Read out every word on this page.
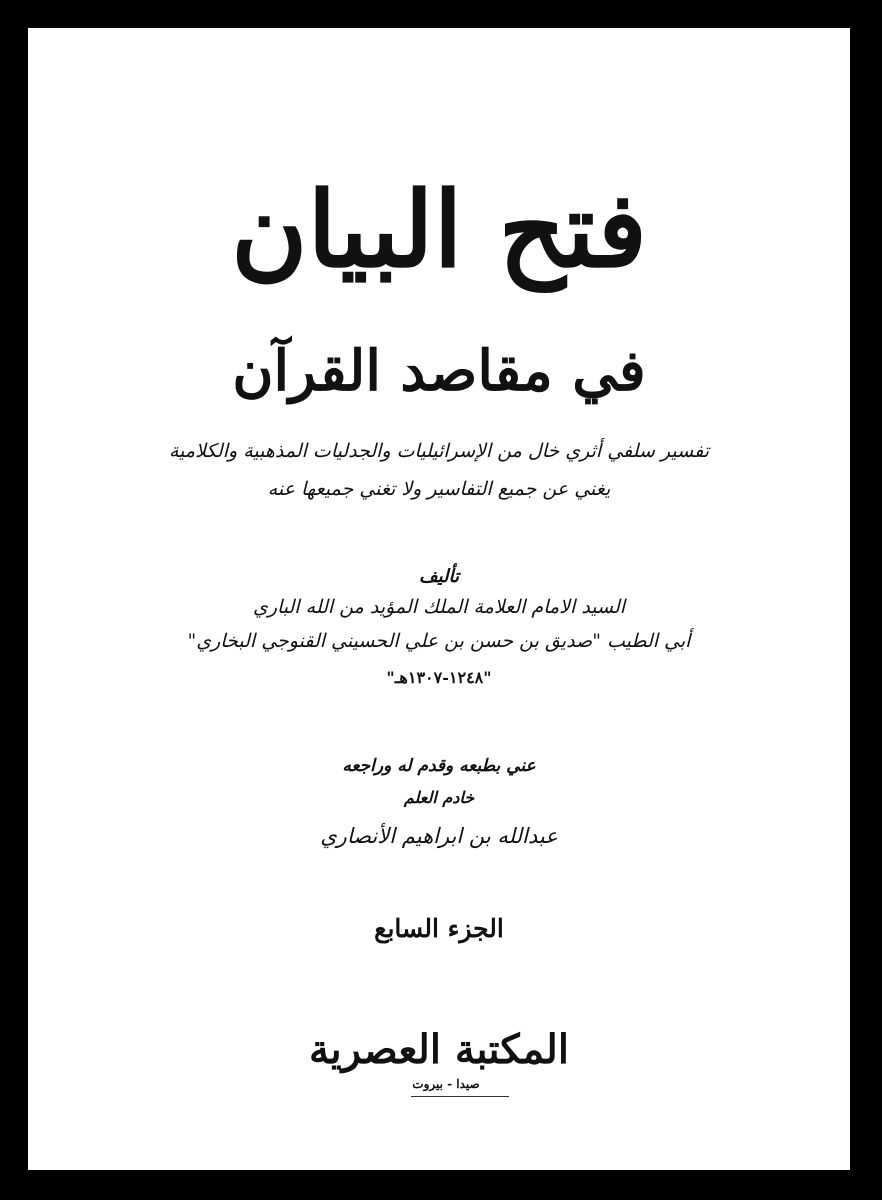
فتح البيان
في مقاصد القرآن
تفسير سلفي أثري خال من الإسرائيليات والجدليات المذهبية والكلامية
يغني عن جميع التفاسير ولا تغني جميعها عنه
تأليف
السيد الامام العلامة الملك المؤيد من الله الباري
أبي الطيب "صديق بن حسن بن علي الحسيني القنوجي البخاري"
"١٢٤٨-١٣٠٧هـ"
عني بطبعه وقدم له وراجعه
خادم العلم
عبدالله بن ابراهيم الأنصاري
الجزء السابع
المكتبة العصرية
صيدا - بيروت
